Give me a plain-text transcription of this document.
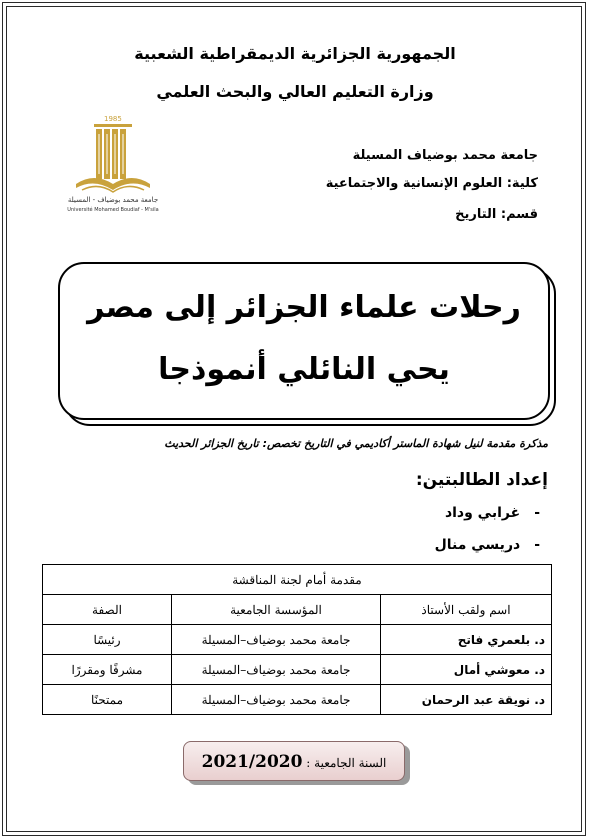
الجمهورية الجزائرية الديمقراطية الشعبية
وزارة التعليم العالي والبحث العلمي
1985
جامعة محمد بوضياف - المسيلة
Université Mohamed Boudiaf - M'sila
جامعة محمد بوضياف المسيلة
كلية: العلوم الإنسانية والاجتماعية
قسم: التاريخ
رحلات علماء الجزائر إلى مصر
يحي النائلي أنموذجا
مذكرة مقدمة لنيل شهادة الماستر أكاديمي في التاريخ تخصص: تاريخ الجزائر الحديث
إعداد الطالبتين:
-غرابي وداد
-دريسي منال
مقدمة أمام لجنة المناقشة		
اسم ولقب الأستاذ	المؤسسة الجامعية	الصفة
د. بلعمري فاتح	جامعة محمد بوضياف–المسيلة	رئيسًا
د. معوشي أمال	جامعة محمد بوضياف–المسيلة	مشرفًا ومقررًا
د. نويقة عبد الرحمان	جامعة محمد بوضياف–المسيلة	ممتحنًا
السنة الجامعية : 2021/2020
